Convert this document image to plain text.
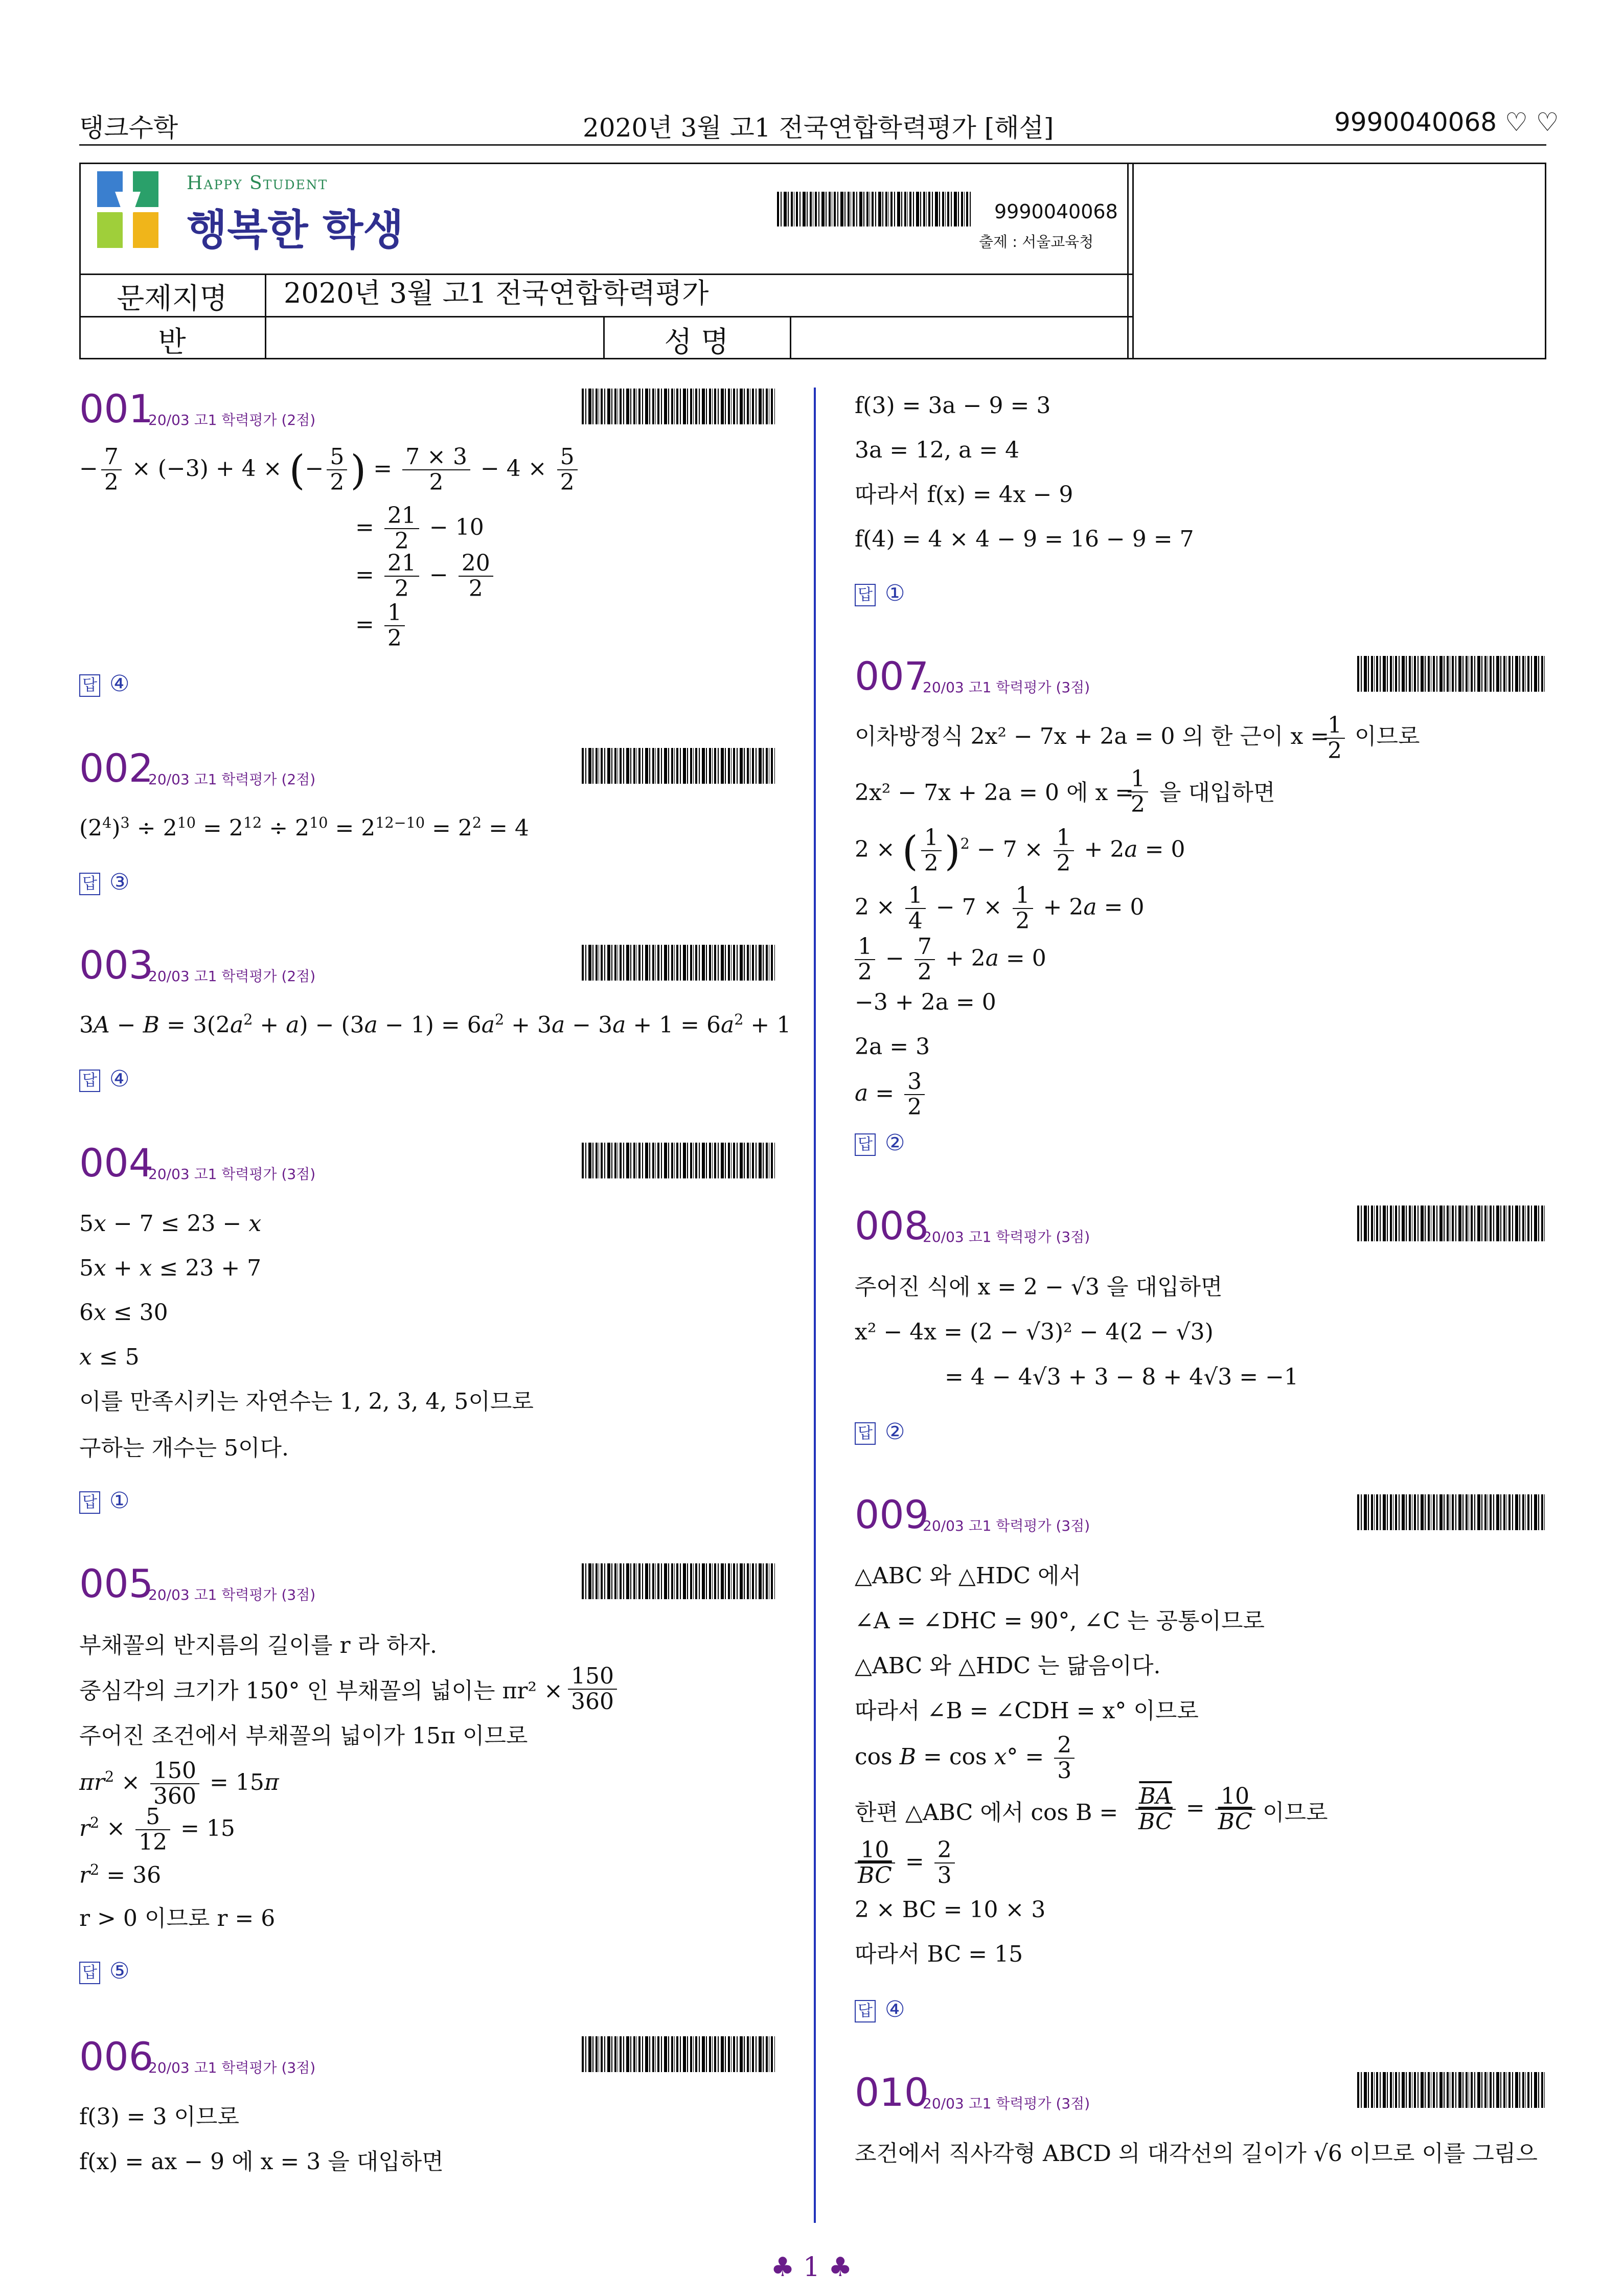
탱크수학	2020년 3월 고1 전국연합학력평가 [해설]	9990040068 ♡ ♡
Happy Student
행복한 학생	9990040068
출제 : 서울교육청
문제지명	2020년 3월 고1 전국연합학력평가
반	성 명
001
20/03 고1 학력평가 (2점)
− $\frac{7}{2} \times (-3) + 4$ × (− $\frac{5}{2}$ ) = $\frac{7 \times 3}{2} - 4 \times \frac{5}{2}$
= $\frac{21}{2} - 10$
= $\frac{21}{2} - \frac{20}{2}$
= $\frac{1}{2}$
답 ④
002
20/03 고1 학력평가 (2점)
$(2^4)^3 \div 2^{10} = 2^{12} \div 2^{10} = 2^{12-10} = 2^2 = 4$
답 ③
003
20/03 고1 학력평가 (2점)
$3A - B = 3(2a^2 + a) - (3a - 1) = 6a^2 + 3a - 3a + 1 = 6a^2 + 1$
답 ④
004
20/03 고1 학력평가 (3점)
5x − 7 ≤ 23 − x
5x + x ≤ 23 + 7
6x ≤ 30
x ≤ 5
이를 만족시키는 자연수는 1, 2, 3, 4, 5이므로
구하는 개수는 5이다.
답 ①
005
20/03 고1 학력평가 (3점)
부채꼴의 반지름의 길이를 r 라 하자.
중심각의 크기가 150° 인 부채꼴의 넓이는 $\pi r^2 \times \frac{150}{360}$
주어진 조건에서 부채꼴의 넓이가 15π 이므로
$\pi r^2 \times \frac{150}{360} = 15\pi$
$r^2 \times \frac{5}{12} = 15$
$r^2 = 36$
r > 0 이므로 r = 6
답 ⑤
006
20/03 고1 학력평가 (3점)
f(3) = 3 이므로
f(x) = ax − 9 에 x = 3 을 대입하면
f(3) = 3a − 9 = 3
3a = 12, a = 4
따라서 f(x) = 4x − 9
f(4) = 4 × 4 − 9 = 16 − 9 = 7
답 ①
007
20/03 고1 학력평가 (3점)
이차방정식 2x² − 7x + 2a = 0 의 한 근이 x =
$\frac{1}{2}$ 이므로
2x² − 7x + 2a = 0 에 x =
$\frac{1}{2}$ 을 대입하면
2 × ( $\frac{1}{2} )^2 - 7 \times \frac{1}{2} + 2a = 0$
$2 \times \frac{1}{4} - 7 \times \frac{1}{2} + 2a = 0$
$\frac{1}{2} - \frac{7}{2} + 2a = 0$
−3 + 2a = 0
2a = 3
$a = \frac{3}{2}$
답 ②
008
20/03 고1 학력평가 (3점)
주어진 식에 x = 2 − √3 을 대입하면
x² − 4x = (2 − √3)² − 4(2 − √3)
= 4 − 4√3 + 3 − 8 + 4√3 = −1
답 ②
009
20/03 고1 학력평가 (3점)
△ABC 와 △HDC 에서
∠A = ∠DHC = 90°, ∠C 는 공통이므로
△ABC 와 △HDC 는 닮음이다.
따라서 ∠B = ∠CDH = x° 이므로
$\cos B = \cos x^\circ = \frac{2}{3}$
한편 △ABC 에서 $\cos B = \frac{\overline{BA}}{BC} = \frac{10}{BC}$ 이므로
$\frac{10}{BC} = \frac{2}{3}$
2 × BC = 10 × 3
따라서 BC = 15
답 ④
010
20/03 고1 학력평가 (3점)
조건에서 직사각형 ABCD 의 대각선의 길이가 √6 이므로 이를 그림으
♣ 1 ♣
